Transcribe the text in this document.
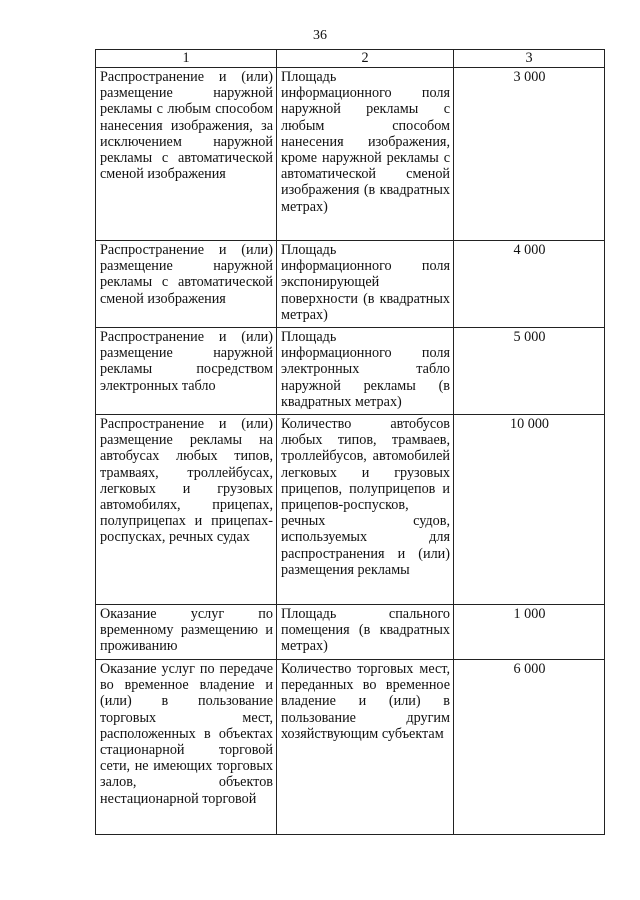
36
1	2	3
Распространение и (или) размещение наружной рекламы с любым способом нанесения изображения, за исключением наружной рекламы с автоматической сменой изображения	Площадь информационного поля наружной рекламы с любым способом нанесения изображения, кроме наружной рекламы с автоматической сменой изображения (в квадратных метрах)	3 000
Распространение и (или) размещение наружной рекламы с автоматической сменой изображения	Площадь информационного поля экспонирующей поверхности (в квадратных метрах)	4 000
Распространение и (или) размещение наружной рекламы посредством электронных табло	Площадь информационного поля электронных табло наружной рекламы (в квадратных метрах)	5 000
Распространение и (или) размещение рекламы на автобусах любых типов, трамваях, троллейбусах, легковых и грузовых автомобилях, прицепах, полуприцепах и прицепах-роспусках, речных судах	Количество автобусов любых типов, трамваев, троллейбусов, автомобилей легковых и грузовых прицепов, полуприцепов и прицепов-роспусков, речных судов, используемых для распространения и (или) размещения рекламы	10 000
Оказание услуг по временному размещению и проживанию	Площадь спального помещения (в квадратных метрах)	1 000
Оказание услуг по передаче во временное владение и (или) в пользование торговых мест, расположенных в объектах стационарной торговой сети, не имеющих торговых залов, объектов нестационарной торговой	Количество торговых мест, переданных во временное владение и (или) в пользование другим хозяйствующим субъектам	6 000
